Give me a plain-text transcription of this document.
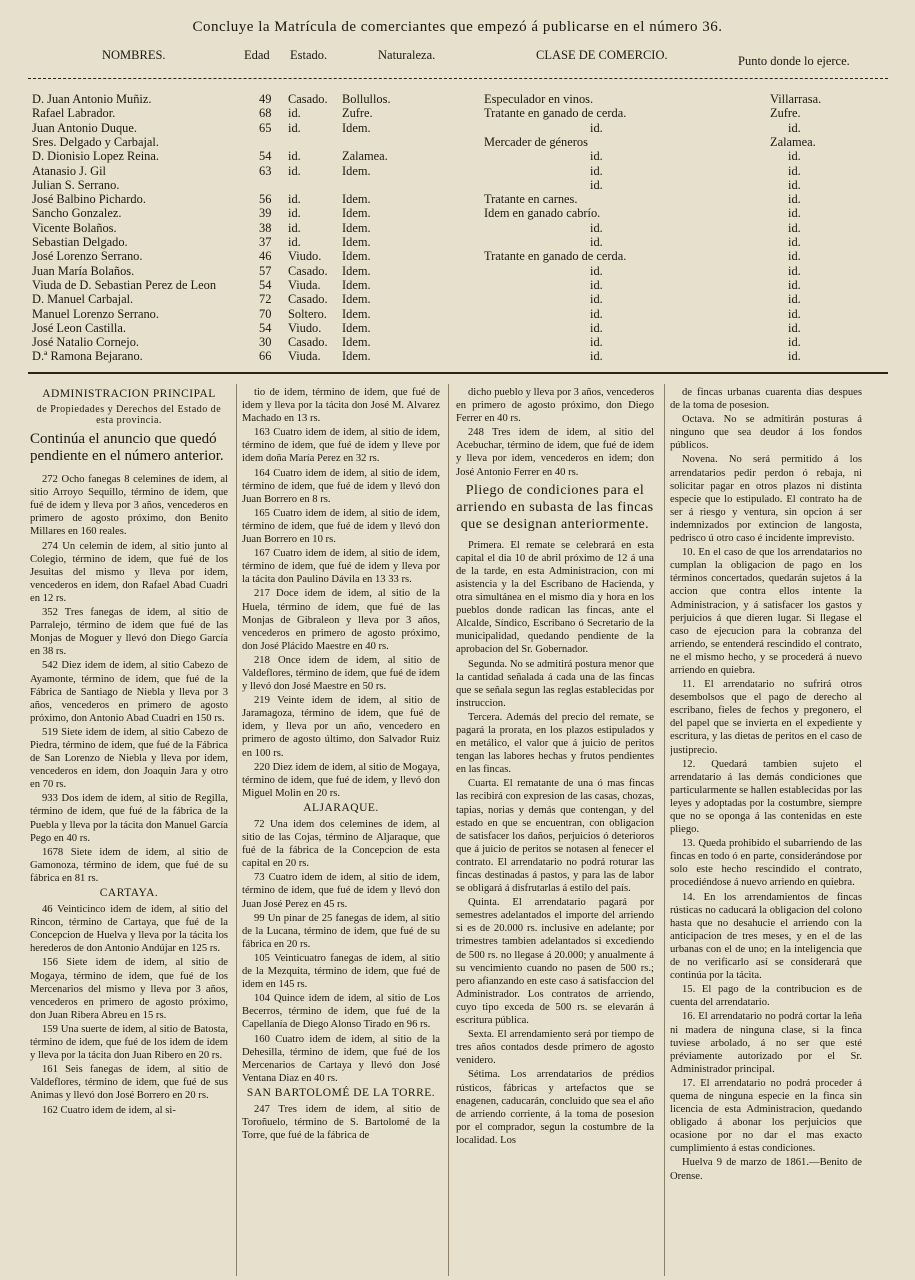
Concluye la Matrícula de comerciantes que empezó á publicarse en el número 36.
NOMBRES.	Edad Estado.	Naturaleza.	CLASE DE COMERCIO.	Punto donde lo ejerce.
D. Juan Antonio Muñiz.	49 Casado. Bollullos.	Especulador en vinos.	Villarrasa.
Rafael Labrador.	68 id.	Zufre.	Tratante en ganado de cerda.	Zufre.
Juan Antonio Duque.	65 id.	Idem.	id.	id.
Sres. Delgado y Carbajal.	Mercader de géneros	Zalamea.
D. Dionisio Lopez Reina.	54 id.	Zalamea.	id.	id.
Atanasio J. Gil	63 id.	Idem.	id.	id.
Julian S. Serrano.	id.	id.
José Balbino Pichardo.	56 id.	Idem.	Tratante en carnes.	id.
Sancho Gonzalez.	39 id.	Idem.	Idem en ganado cabrío.	id.
Vicente Bolaños.	38 id.	Idem.	id.	id.
Sebastian Delgado.	37 id.	Idem.	id.	id.
José Lorenzo Serrano.	46 Viudo. Idem.	Tratante en ganado de cerda.	id.
Juan María Bolaños.	57 Casado. Idem.	id.	id.
Viuda de D. Sebastian Perez de Leon	54 Viuda. Idem.	id.	id.
D. Manuel Carbajal.	72 Casado. Idem.	id.	id.
Manuel Lorenzo Serrano.	70 Soltero. Idem.	id.	id.
José Leon Castilla.	54 Viudo. Idem.	id.	id.
José Natalio Cornejo.	30 Casado. Idem.	id.	id.
D.ª Ramona Bejarano.	66 Viuda. Idem.	id.	id.
ADMINISTRACION PRINCIPAL
de Propiedades y Derechos del Estado de esta provincia.
Continúa el anuncio que quedó pendiente en el número anterior.

272 Ocho fanegas 8 celemines de idem, al sitio Arroyo Sequillo, término de idem, que fué de idem y lleva por 3 años, vencederos en primero de agosto próximo, don Benito Millares en 160 reales.

274 Un celemin de idem, al sitio junto al Colegio, término de idem, que fué de los Jesuitas del mismo y lleva por idem, vencederos en idem, don Rafael Abad Cuadri en 12 rs.

352 Tres fanegas de idem, al sitio de Parralejo, término de idem que fué de las Monjas de Moguer y llevó don Diego García en 38 rs.

542 Diez idem de idem, al sitio Cabezo de Ayamonte, término de idem, que fué de la Fábrica de Santiago de Niebla y lleva por 3 años, vencederos en primero de agosto próximo, don Antonio Abad Cuadri en 150 rs.

519 Siete idem de idem, al sitio Cabezo de Piedra, término de idem, que fué de la Fábrica de San Lorenzo de Niebla y lleva por idem, vencederos en idem, don Joaquin Jara y otro en 70 rs.

933 Dos idem de idem, al sitio de Regilla, término de idem, que fué de la fábrica de la Puebla y lleva por la tácita don Manuel García Pego en 40 rs.

1678 Siete idem de idem, al sitio de Gamonoza, término de idem, que fué de su fábrica en 81 rs.

CARTAYA.

46 Veinticinco idem de idem, al sitio del Rincon, término de Cartaya, que fué de la Concepcion de Huelva y lleva por la tácita los herederos de don Antonio Andújar en 125 rs.

156 Siete idem de idem, al sitio de Mogaya, término de idem, que fué de los Mercenarios del mismo y lleva por 3 años, vencederos en primero de agosto próximo, don Juan Ribera Abreu en 15 rs.

159 Una suerte de idem, al sitio de Batosta, término de idem, que fué de los idem de idem y lleva por la tácita don Juan Ribero en 20 rs.

161 Seis fanegas de idem, al sitio de Valdeflores, término de idem, que fué de sus Animas y llevó don José Borrero en 20 rs.

162 Cuatro idem de idem, al si-

tio de idem, término de idem, que fué de idem y lleva por la tácita don José M. Alvarez Machado en 13 rs.

163 Cuatro idem de idem, al sitio de idem, término de idem, que fué de idem y lleve por idem doña María Perez en 32 rs.

164 Cuatro idem de idem, al sitio de idem, término de idem, que fué de idem y llevó don Juan Borrero en 8 rs.

165 Cuatro idem de idem, al sitio de idem, término de idem, que fué de idem y llevó don Juan Borrero en 10 rs.

167 Cuatro idem de idem, al sitio de idem, término de idem, que fué de idem y lleva por la tácita don Paulino Dávila en 13 33 rs.

217 Doce idem de idem, al sitio de la Huela, término de idem, que fué de las Monjas de Gibraleon y lleva por 3 años, vencederos en primero de agosto próximo, don José Plácido Maestre en 40 rs.

218 Once idem de idem, al sitio de Valdeflores, término de idem, que fué de idem y llevó don José Maestre en 50 rs.

219 Veinte idem de idem, al sitio de Jaramagoza, término de idem, que fué de idem, y lleva por un año, vencedero en primero de agosto último, don Salvador Ruiz en 100 rs.

220 Diez idem de idem, al sitio de Mogaya, término de idem, que fué de idem, y llevó don Miguel Molin en 20 rs.

ALJARAQUE.

72 Una idem dos celemines de idem, al sitio de las Cojas, término de Aljaraque, que fué de la fábrica de la Concepcion de esta capital en 20 rs.

73 Cuatro idem de idem, al sitio de idem, término de idem, que fué de idem y llevó don Juan José Perez en 45 rs.

99 Un pinar de 25 fanegas de idem, al sitio de la Lucana, término de idem, que fué de su fábrica en 20 rs.

105 Veinticuatro fanegas de idem, al sitio de la Mezquita, término de idem, que fué de idem en 145 rs.

104 Quince idem de idem, al sitio de Los Becerros, término de idem, que fué de la Capellanía de Diego Alonso Tirado en 96 rs.

160 Cuatro idem de idem, al sitio de la Dehesilla, término de idem, que fué de los Mercenarios de Cartaya y llevó don José Ventana Diaz en 40 rs.

SAN BARTOLOMÉ DE LA TORRE.

247 Tres idem de idem, al sitio de Toroñuelo, término de S. Bartolomé de la Torre, que fué de la fábrica de

dicho pueblo y lleva por 3 años, vencederos en primero de agosto próximo, don Diego Ferrer en 40 rs.

248 Tres idem de idem, al sitio del Acebuchar, término de idem, que fué de idem y lleva por idem, vencederos en idem; don José Antonio Ferrer en 40 rs.

Pliego de condiciones para el arriendo en subasta de las fincas que se designan anteriormente.

Primera. El remate se celebrará en esta capital el dia 10 de abril próximo de 12 á una de la tarde, en esta Administracion, con mi asistencia y la del Escribano de Hacienda, y otra simultánea en el mismo dia y hora en los pueblos donde radican las fincas, ante el Alcalde, Síndico, Escribano ó Secretario de la municipalidad, quedando pendiente de la aprobacion del Sr. Gobernador.

Segunda. No se admitirá postura menor que la cantidad señalada á cada una de las fincas que se señala segun las reglas establecidas por instruccion.

Tercera. Además del precio del remate, se pagará la prorata, en los plazos estipulados y en metálico, el valor que á juicio de peritos tengan las labores hechas y frutos pendientes en las fincas.

Cuarta. El rematante de una ó mas fincas las recibirá con expresion de las casas, chozas, tapias, norias y demás que contengan, y del estado en que se encuentran, con obligacion de satisfacer los daños, perjuicios ó deterioros que á juicio de peritos se notasen al fenecer el contrato. El arrendatario no podrá roturar las fincas destinadas á pastos, y para las de labor se obligará á disfrutarlas á estilo del país.

Quinta. El arrendatario pagará por semestres adelantados el importe del arriendo si es de 20.000 rs. inclusive en adelante; por trimestres tambien adelantados si excediendo de 500 rs. no llegase á 20.000; y anualmente á su vencimiento cuando no pasen de 500 rs.; pero afianzando en este caso á satisfaccion del Administrador. Los contratos de arriendo, cuyo tipo exceda de 500 rs. se elevarán á escritura pública.

Sexta. El arrendamiento será por tiempo de tres años contados desde primero de agosto venidero.

Sétima. Los arrendatarios de prédios rústicos, fábricas y artefactos que se enagenen, caducarán, concluido que sea el año de arriendo corriente, á la toma de posesion por el comprador, segun la costumbre de la localidad. Los

de fincas urbanas cuarenta dias despues de la toma de posesion.

Octava. No se admitirán posturas á ninguno que sea deudor á los fondos públicos.

Novena. No será permitido á los arrendatarios pedir perdon ó rebaja, ni solicitar pagar en otros plazos ni distinta especie que lo estipulado. El contrato ha de ser á riesgo y ventura, sin opcion á ser indemnizados por extincion de langosta, pedrisco ú otro caso é incidente imprevisto.

10. En el caso de que los arrendatarios no cumplan la obligacion de pago en los términos concertados, quedarán sujetos á la accion que contra ellos intente la Administracion, y á satisfacer los gastos y perjuicios á que dieren lugar. Si llegase el caso de ejecucion para la cobranza del arriendo, se entenderá rescindido el contrato, ne el mismo hecho, y se procederá á nuevo arriendo en quiebra.

11. El arrendatario no sufrirá otros desembolsos que el pago de derecho al escribano, fieles de fechos y pregonero, el del papel que se invierta en el expediente y escritura, y las dietas de peritos en el caso de justiprecio.

12. Quedará tambien sujeto el arrendatario á las demás condiciones que particularmente se hallen establecidas por las leyes y adoptadas por la costumbre, siempre que no se oponga á las contenidas en este pliego.

13. Queda prohibido el subarriendo de las fincas en todo ó en parte, considerándose por solo este hecho rescindido el contrato, procediéndose á nuevo arriendo en quiebra.

14. En los arrendamientos de fincas rústicas no caducará la obligacion del colono hasta que no desahucie el arriendo con la anticipacion de tres meses, y en el de las urbanas con el de uno; en la inteligencia que de no verificarlo así se considerará que continúa por la tácita.

15. El pago de la contribucion es de cuenta del arrendatario.

16. El arrendatario no podrá cortar la leña ni madera de ninguna clase, si la finca tuviese arbolado, á no ser que esté préviamente autorizado por el Sr. Administrador principal.

17. El arrendatario no podrá proceder á quema de ninguna especie en la finca sin licencia de esta Administracion, quedando obligado á abonar los perjuicios que ocasione por no dar el mas exacto cumplimiento á estas condiciones.

Huelva 9 de marzo de 1861.—Benito de Orense.
